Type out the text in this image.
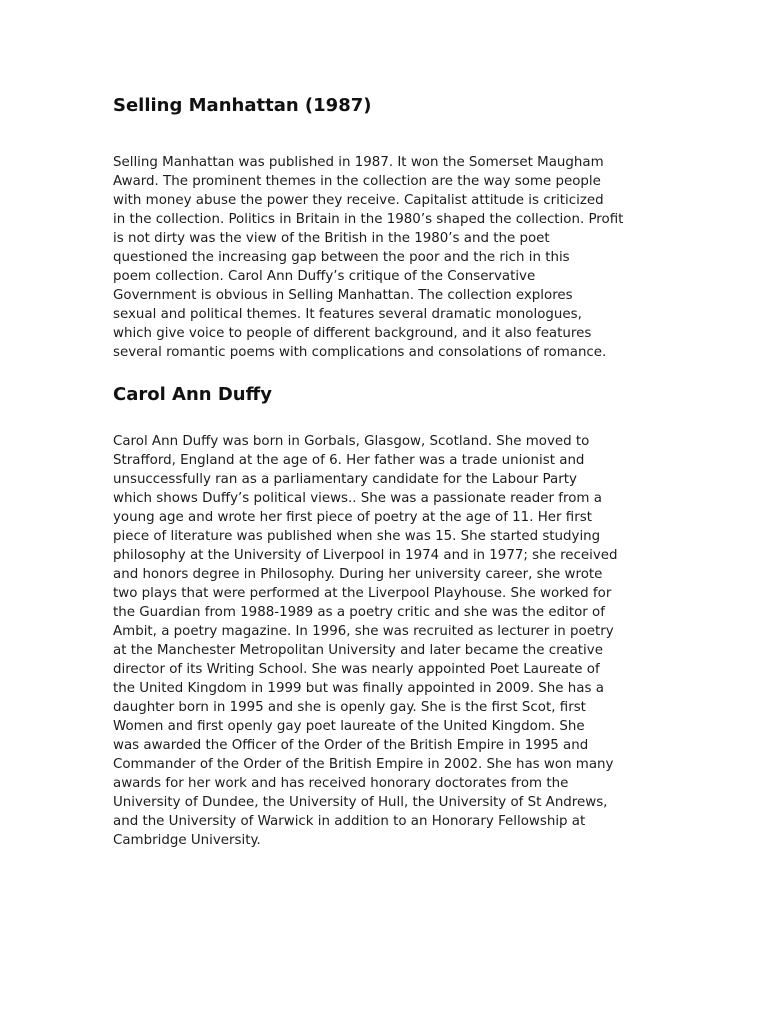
Selling Manhattan (1987)
Selling Manhattan was published in 1987. It won the Somerset Maugham
Award. The prominent themes in the collection are the way some people
with money abuse the power they receive. Capitalist attitude is criticized
in the collection. Politics in Britain in the 1980’s shaped the collection. Profit
is not dirty was the view of the British in the 1980’s and the poet
questioned the increasing gap between the poor and the rich in this
poem collection. Carol Ann Duffy’s critique of the Conservative
Government is obvious in Selling Manhattan. The collection explores
sexual and political themes. It features several dramatic monologues,
which give voice to people of different background, and it also features
several romantic poems with complications and consolations of romance.
Carol Ann Duffy
Carol Ann Duffy was born in Gorbals, Glasgow, Scotland. She moved to
Strafford, England at the age of 6. Her father was a trade unionist and
unsuccessfully ran as a parliamentary candidate for the Labour Party
which shows Duffy’s political views.. She was a passionate reader from a
young age and wrote her first piece of poetry at the age of 11. Her first
piece of literature was published when she was 15. She started studying
philosophy at the University of Liverpool in 1974 and in 1977; she received
and honors degree in Philosophy. During her university career, she wrote
two plays that were performed at the Liverpool Playhouse. She worked for
the Guardian from 1988-1989 as a poetry critic and she was the editor of
Ambit, a poetry magazine. In 1996, she was recruited as lecturer in poetry
at the Manchester Metropolitan University and later became the creative
director of its Writing School. She was nearly appointed Poet Laureate of
the United Kingdom in 1999 but was finally appointed in 2009. She has a
daughter born in 1995 and she is openly gay. She is the first Scot, first
Women and first openly gay poet laureate of the United Kingdom. She
was awarded the Officer of the Order of the British Empire in 1995 and
Commander of the Order of the British Empire in 2002. She has won many
awards for her work and has received honorary doctorates from the
University of Dundee, the University of Hull, the University of St Andrews,
and the University of Warwick in addition to an Honorary Fellowship at
Cambridge University.
